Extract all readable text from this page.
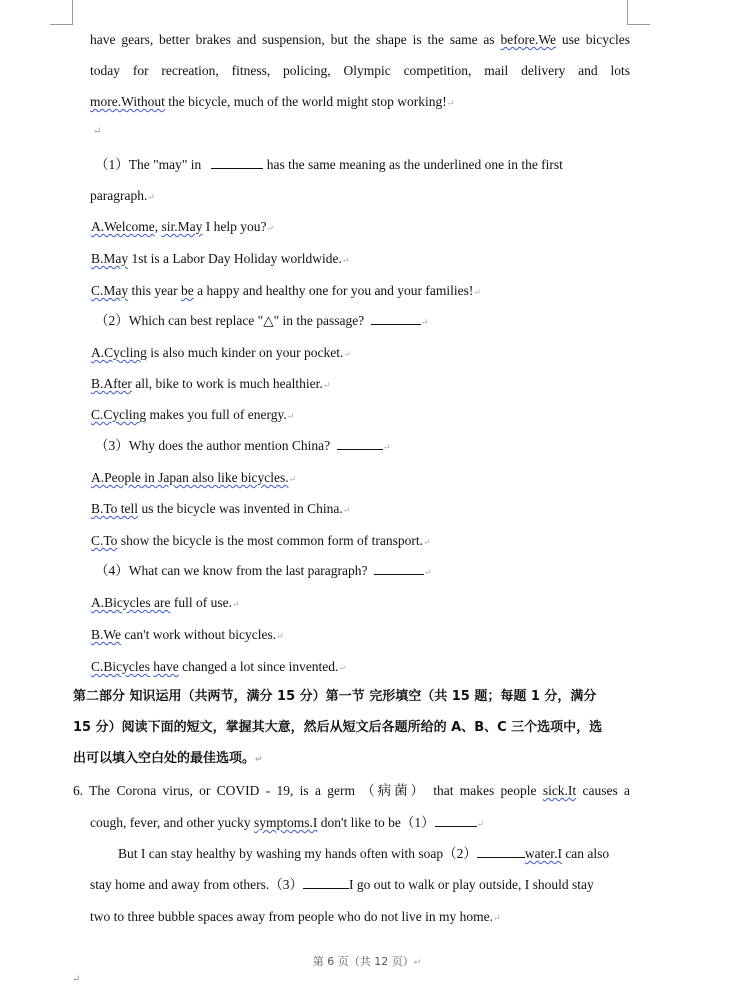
have gears, better brakes and suspension, but the shape is the same as before.We use bicycles
today for recreation, fitness, policing, Olympic competition, mail delivery and lots
more.Without the bicycle, much of the world might stop working!↵
↵
（1）The "may" in	has the same meaning as the underlined one in the first
paragraph.↵
A.Welcome, sir.May I help you?↵
B.May 1st is a Labor Day Holiday worldwide.↵
C.May this year be a happy and healthy one for you and your families!↵
（2）Which can best replace "△" in the passage?	↵
A.Cycling is also much kinder on your pocket.↵
B.After all, bike to work is much healthier.↵
C.Cycling makes you full of energy.↵
（3）Why does the author mention China?	↵
A.People in Japan also like bicycles.↵
B.To tell us the bicycle was invented in China.↵
C.To show the bicycle is the most common form of transport.↵
（4）What can we know from the last paragraph?	↵
A.Bicycles are full of use.↵
B.We can't work without bicycles.↵
C.Bicycles have changed a lot since invented.↵
第二部分 知识运用（共两节，满分 15 分）第一节 完形填空（共 15 题；每题 1 分，满分
15 分）阅读下面的短文，掌握其大意，然后从短文后各题所给的 A、B、C 三个选项中，选
出可以填入空白处的最佳选项。↵
6. The Corona virus, or COVID - 19, is a germ （病菌） that makes people sick.It causes a
cough, fever, and other yucky symptoms.I don't like to be（1）	↵
But I can stay healthy by washing my hands often with soap（2）	water.I can also
stay home and away from others.（3）	I go out to walk or play outside, I should stay
two to three bubble spaces away from people who do not live in my home.↵
第 6 页（共 12 页）↵
↵
